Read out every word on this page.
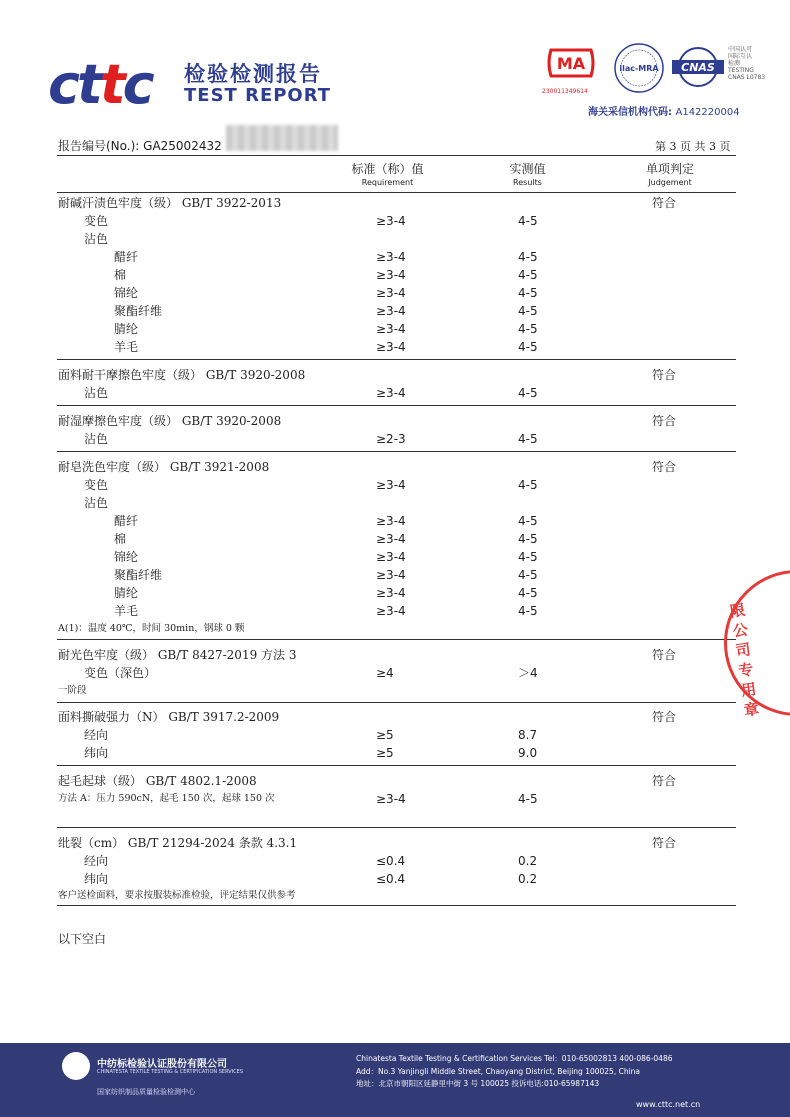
cttc 检验检测报告
TEST REPORT
MA
230011349614
ilac-MRA CNAS
中国认可
国际互认
检测
TESTING
CNAS L0783
海关采信机构代码: A142220004
报告编号(No.): GA25002432	第 3 页 共 3 页
标准（称）值
Requirement
实测值
Results
单项判定
Judgement
耐碱汗渍色牢度（级） GB/T 3922-2013	符合
变色	≥3-4	4-5
沾色
醋纤	≥3-4	4-5
棉	≥3-4	4-5
锦纶	≥3-4	4-5
聚酯纤维	≥3-4	4-5
腈纶	≥3-4	4-5
羊毛	≥3-4	4-5
面料耐干摩擦色牢度（级） GB/T 3920-2008	符合
沾色	≥3-4	4-5
耐湿摩擦色牢度（级） GB/T 3920-2008	符合
沾色	≥2-3	4-5
耐皂洗色牢度（级） GB/T 3921-2008	符合
变色	≥3-4	4-5
沾色
醋纤	≥3-4	4-5
棉	≥3-4	4-5
锦纶	≥3-4	4-5
聚酯纤维	≥3-4	4-5
腈纶	≥3-4	4-5
羊毛	≥3-4	4-5
A(1)：温度 40℃，时间 30min，钢球 0 颗
耐光色牢度（级） GB/T 8427-2019 方法 3	符合
变色（深色）	≥4	＞4
一阶段
面料撕破强力（N） GB/T 3917.2-2009	符合
经向	≥5	8.7
纬向	≥5	9.0
起毛起球（级） GB/T 4802.1-2008	符合
方法 A：压力 590cN，起毛 150 次，起球 150 次	≥3-4	4-5
纰裂（cm） GB/T 21294-2024 条款 4.3.1	符合
经向	≤0.4	0.2
纬向	≤0.4	0.2
客户送检面料，要求按服装标准检验，评定结果仅供参考
限
公
司
专
用
章
以下空白
中纺标检验认证股份有限公司
CHINATESTA TEXTILE TESTING & CERTIFICATION SERVICES
国家纺织制品质量检验检测中心
Chinatesta Textile Testing & Certification Services Tel：010-65002813 400-086-0486
Add：No.3 Yanjingli Middle Street, Chaoyang District, Beijing 100025, China
地址：北京市朝阳区延静里中街 3 号 100025 投诉电话:010-65987143
www.cttc.net.cn
